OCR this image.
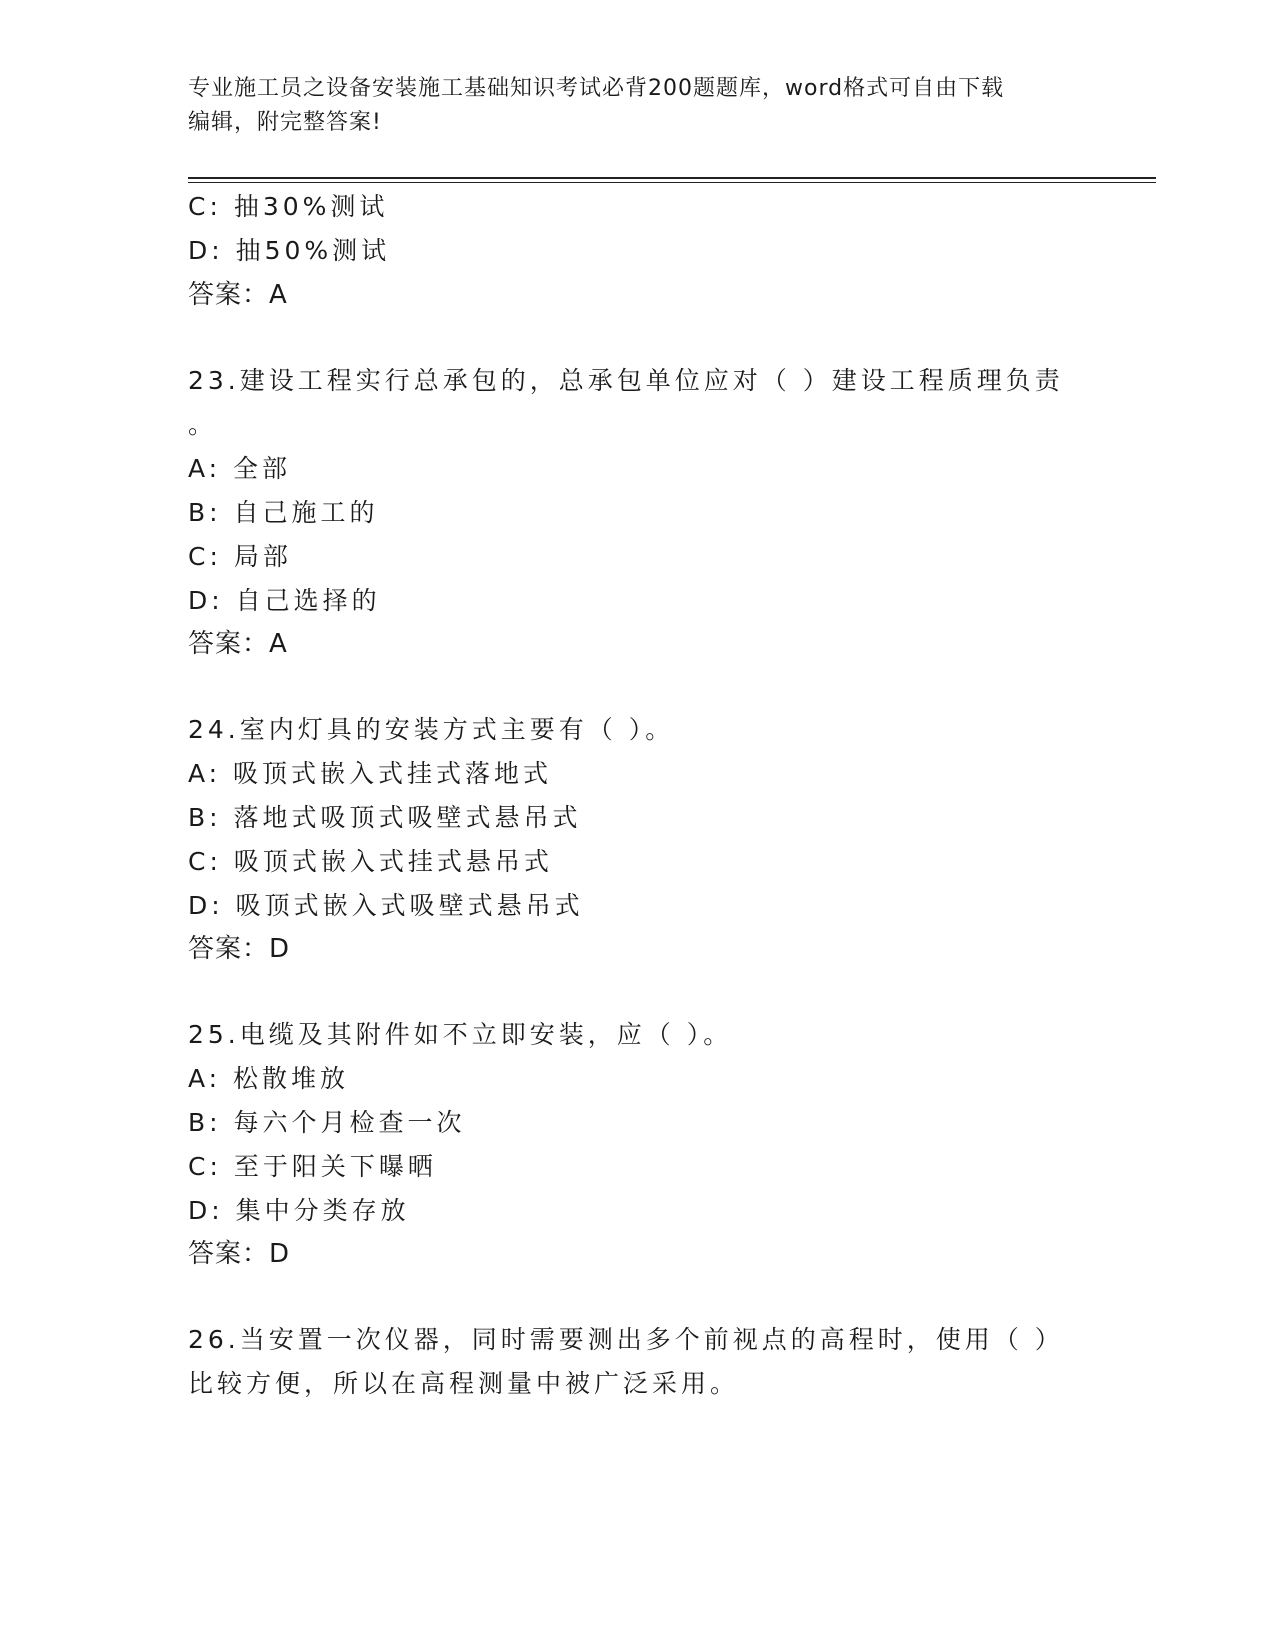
专业施工员之设备安装施工基础知识考试必背200题题库，word格式可自由下载
编辑，附完整答案!
C: 抽30%测试
D: 抽50%测试
答案：A
23.建设工程实行总承包的，总承包单位应对（ ）建设工程质理负责
。
A: 全部
B: 自己施工的
C: 局部
D: 自己选择的
答案：A
24.室内灯具的安装方式主要有（ ）。
A: 吸顶式嵌入式挂式落地式
B: 落地式吸顶式吸壁式悬吊式
C: 吸顶式嵌入式挂式悬吊式
D: 吸顶式嵌入式吸壁式悬吊式
答案：D
25.电缆及其附件如不立即安装，应（ ）。
A: 松散堆放
B: 每六个月检查一次
C: 至于阳关下曝晒
D: 集中分类存放
答案：D
26.当安置一次仪器，同时需要测出多个前视点的高程时，使用（ ）
比较方便，所以在高程测量中被广泛采用。
